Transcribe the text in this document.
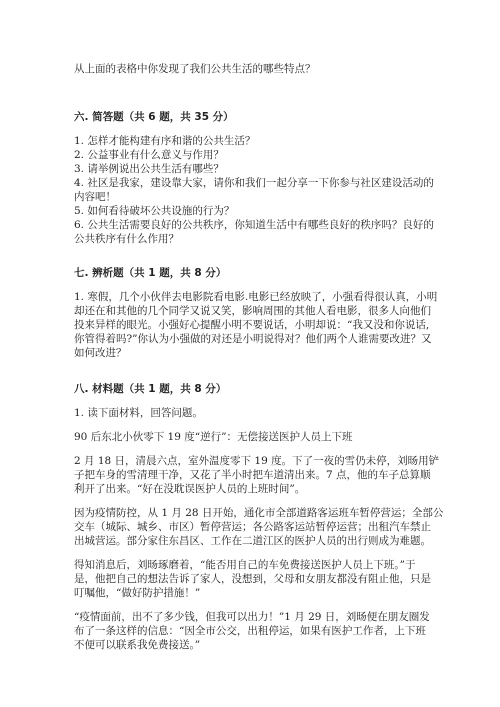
从上面的表格中你发现了我们公共生活的哪些特点？
六. 简答题（共 6 题，共 35 分）
1. 怎样才能构建有序和谐的公共生活？
2. 公益事业有什么意义与作用？
3. 请举例说出公共生活有哪些？
4. 社区是我家，建设靠大家，请你和我们一起分享一下你参与社区建设活动的
内容吧！
5. 如何看待破坏公共设施的行为？
6. 公共生活需要良好的公共秩序，你知道生活中有哪些良好的秩序吗？良好的
公共秩序有什么作用？
七. 辨析题（共 1 题，共 8 分）
1. 寒假，几个小伙伴去电影院看电影.电影已经放映了，小强看得很认真，小明
却还在和其他的几个同学又说又笑，影响周围的其他人看电影，很多人向他们
投来异样的眼光。小强好心提醒小明不要说话，小明却说：“我又没和你说话,
你管得着吗?”你认为小强做的对还是小明说得对？他们两个人谁需要改进？又
如何改进？
八. 材料题（共 1 题，共 8 分）
1. 读下面材料，回答问题。
90 后东北小伙零下 19 度“逆行”：无偿接送医护人员上下班
2 月 18 日，清晨六点，室外温度零下 19 度。下了一夜的雪仍未停，刘旸用铲
子把车身的雪清理干净，又花了半小时把车道清出来。7 点，他的车子总算顺
利开了出来。“好在没耽误医护人员的上班时间”。
因为疫情防控，从 1 月 28 日开始，通化市全部道路客运班车暂停营运；全部公
交车（城际、城乡、市区）暂停营运；各公路客运站暂停运营；出租汽车禁止
出城营运。部分家住东昌区、工作在二道江区的医护人员的出行则成为难题。
得知消息后，刘旸琢磨着，“能否用自己的车免费接送医护人员上下班。”于
是，他把自己的想法告诉了家人，没想到，父母和女朋友都没有阻止他，只是
叮嘱他，“做好防护措施！”
“疫情面前，出不了多少钱，但我可以出力！”1 月 29 日，刘旸便在朋友圈发
布了一条这样的信息：“因全市公交，出租停运，如果有医护工作者，上下班
不便可以联系我免费接送。”
